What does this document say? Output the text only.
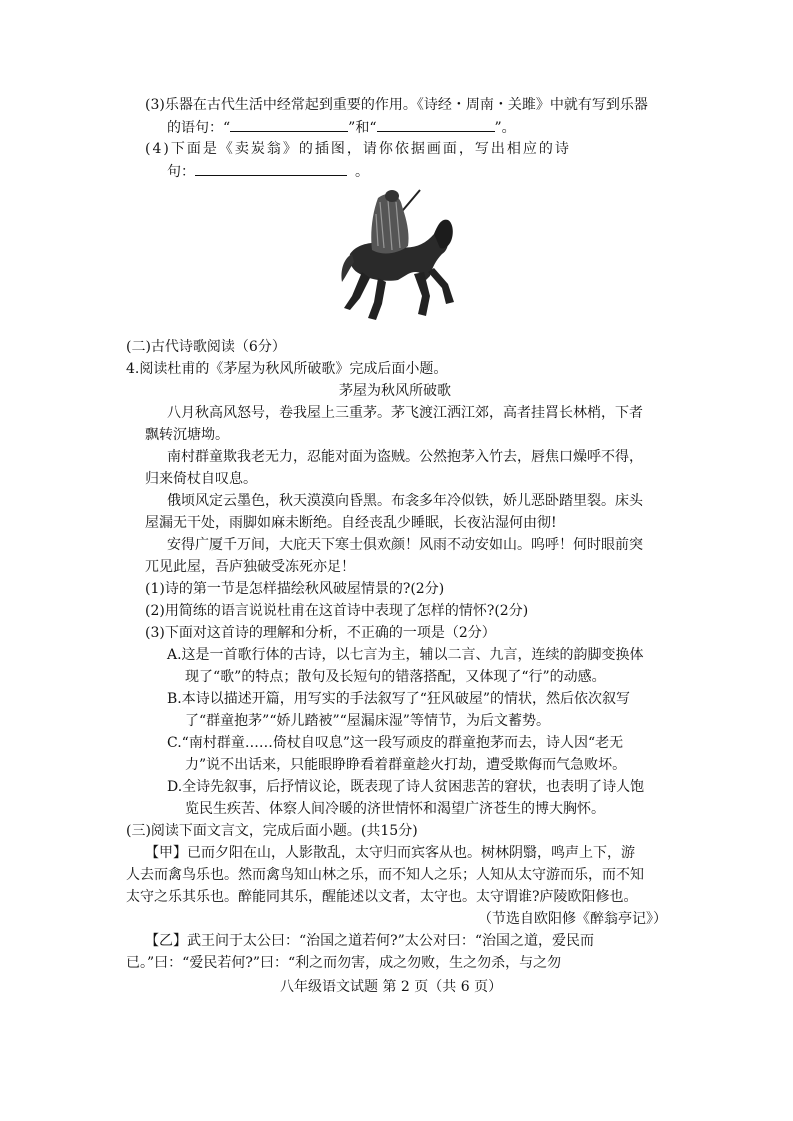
(3)乐器在古代生活中经常起到重要的作用。《诗经・周南・关雎》中就有写到乐器
的语句：“	”和“	”。
(4)下面是《卖炭翁》的插图，请你依据画面，写出相应的诗
句：	。
(二)古代诗歌阅读（6分）
4.阅读杜甫的《茅屋为秋风所破歌》完成后面小题。
茅屋为秋风所破歌
八月秋高风怒号，卷我屋上三重茅。茅飞渡江洒江郊，高者挂罥长林梢，下者
飘转沉塘坳。
南村群童欺我老无力，忍能对面为盗贼。公然抱茅入竹去，唇焦口燥呼不得，
归来倚杖自叹息。
俄顷风定云墨色，秋天漠漠向昏黑。布衾多年冷似铁，娇儿恶卧踏里裂。床头
屋漏无干处，雨脚如麻未断绝。自经丧乱少睡眠，长夜沾湿何由彻!
安得广厦千万间，大庇天下寒士俱欢颜！风雨不动安如山。呜呼！何时眼前突
兀见此屋，吾庐独破受冻死亦足！
(1)诗的第一节是怎样描绘秋风破屋情景的?(2分)
(2)用简练的语言说说杜甫在这首诗中表现了怎样的情怀?(2分)
(3)下面对这首诗的理解和分析，不正确的一项是（2分）
A.这是一首歌行体的古诗，以七言为主，辅以二言、九言，连续的韵脚变换体
现了“歌”的特点；散句及长短句的错落搭配，又体现了“行”的动感。
B.本诗以描述开篇，用写实的手法叙写了“狂风破屋”的情状，然后依次叙写
了“群童抱茅”“娇儿踏被”“屋漏床湿”等情节，为后文蓄势。
C.“南村群童……倚杖自叹息”这一段写顽皮的群童抱茅而去，诗人因“老无
力”说不出话来，只能眼睁睁看着群童趁火打劫，遭受欺侮而气急败坏。
D.全诗先叙事，后抒情议论，既表现了诗人贫困悲苦的窘状，也表明了诗人饱
览民生疾苦、体察人间冷暖的济世情怀和渴望广济苍生的博大胸怀。
(三)阅读下面文言文，完成后面小题。(共15分)
【甲】已而夕阳在山，人影散乱，太守归而宾客从也。树林阴翳，鸣声上下，游
人去而禽鸟乐也。然而禽鸟知山林之乐，而不知人之乐；人知从太守游而乐，而不知
太守之乐其乐也。醉能同其乐，醒能述以文者，太守也。太守谓谁?庐陵欧阳修也。
（节选自欧阳修《醉翁亭记》）
【乙】武王问于太公曰：“治国之道若何?”太公对曰：“治国之道，爱民而
已。”曰：“爱民若何?”曰：“利之而勿害，成之勿败，生之勿杀，与之勿
八年级语文试题 第 2 页（共 6 页）
